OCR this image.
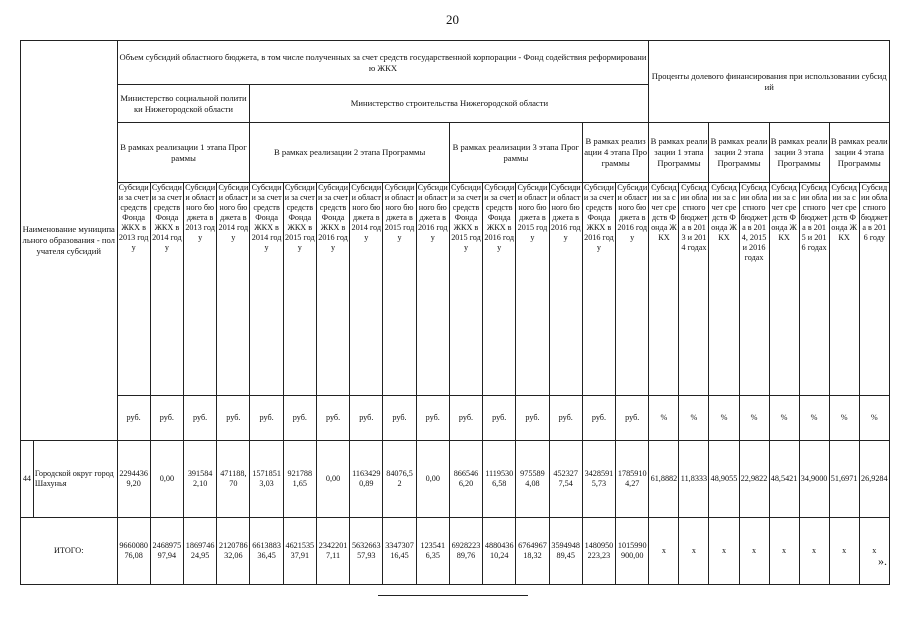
20
Наименование муниципального образования - получателя субсидий		Объем субсидий областного бюджета, в том числе полученных за счет средств государственной корпорации - Фонд содействия реформированию ЖКХ																Проценты долевого финансирования при использовании субсидий							
		Министерство социальной политики Нижегородской области				Министерство строительства Нижегородской области																			
		В рамках реализации 1 этапа Программы				В рамках реализации 2 этапа Программы						В рамках реализации 3 этапа Программы				В рамках реализации 4 этапа Программы		В рамках реализации 1 этапа Программы		В рамках реализации 2 этапа Программы		В рамках реализации 3 этапа Программы		В рамках реализации 4 этапа Программы	
		Субсидии за счет средств Фонда ЖКХ в 2013 году	Субсидии за счет средств Фонда ЖКХ в 2014 году	Субсидии областного бюджета в 2013 году	Субсидии областного бюджета в 2014 году	Субсидии за счет средств Фонда ЖКХ в 2014 году	Субсидии за счет средств Фонда ЖКХ в 2015 году	Субсидии за счет средств Фонда ЖКХ в 2016 году	Субсидии областного бюджета в 2014 году	Субсидии областного бюджета в 2015 году	Субсидии областного бюджета в 2016 году	Субсидии за счет средств Фонда ЖКХ в 2015 году	Субсидии за счет средств Фонда ЖКХ в 2016 году	Субсидии областного бюджета в 2015 году	Субсидии областного бюджета в 2016 году	Субсидии за счет средств Фонда ЖКХ в 2016 году	Субсидии областного бюджета в 2016 году	Субсидии за счет средств Фонда ЖКХ	Субсидии областного бюджета в 2013 и 2014 годах	Субсидии за счет средств Фонда ЖКХ	Субсидии областного бюджета в 2014, 2015 и 2016 годах	Субсидии за счет средств Фонда ЖКХ	Субсидии областного бюджета в 2015 и 2016 годах	Субсидии за счет средств Фонда ЖКХ	Субсидии областного бюджета в 2016 году
		руб.	руб.	руб.	руб.	руб.	руб.	руб.	руб.	руб.	руб.	руб.	руб.	руб.	руб.	руб.	руб.	%	%	%	%	%	%	%	%
44	Городской округ город Шахунья	22944369,20	0,00	3915842,10	471188,70	15718513,03	9217881,65	0,00	11634290,89	84076,52	0,00	8665466,20	11195306,58	9755894,08	4523277,54	34285915,73	17859104,27	61,8882	11,8333	48,9055	22,9822	48,5421	34,9000	51,6971	26,9284
ИТОГО:		966008076,08	246897597,94	186974624,95	212078632,06	661388336,45	462153537,91	23422017,11	563266357,93	334730716,45	1235416,35	692822389,76	488043610,24	676496718,32	359494889,45	1480950223,23	1015990900,00	x	x	x	x	x	x	x	x
».
